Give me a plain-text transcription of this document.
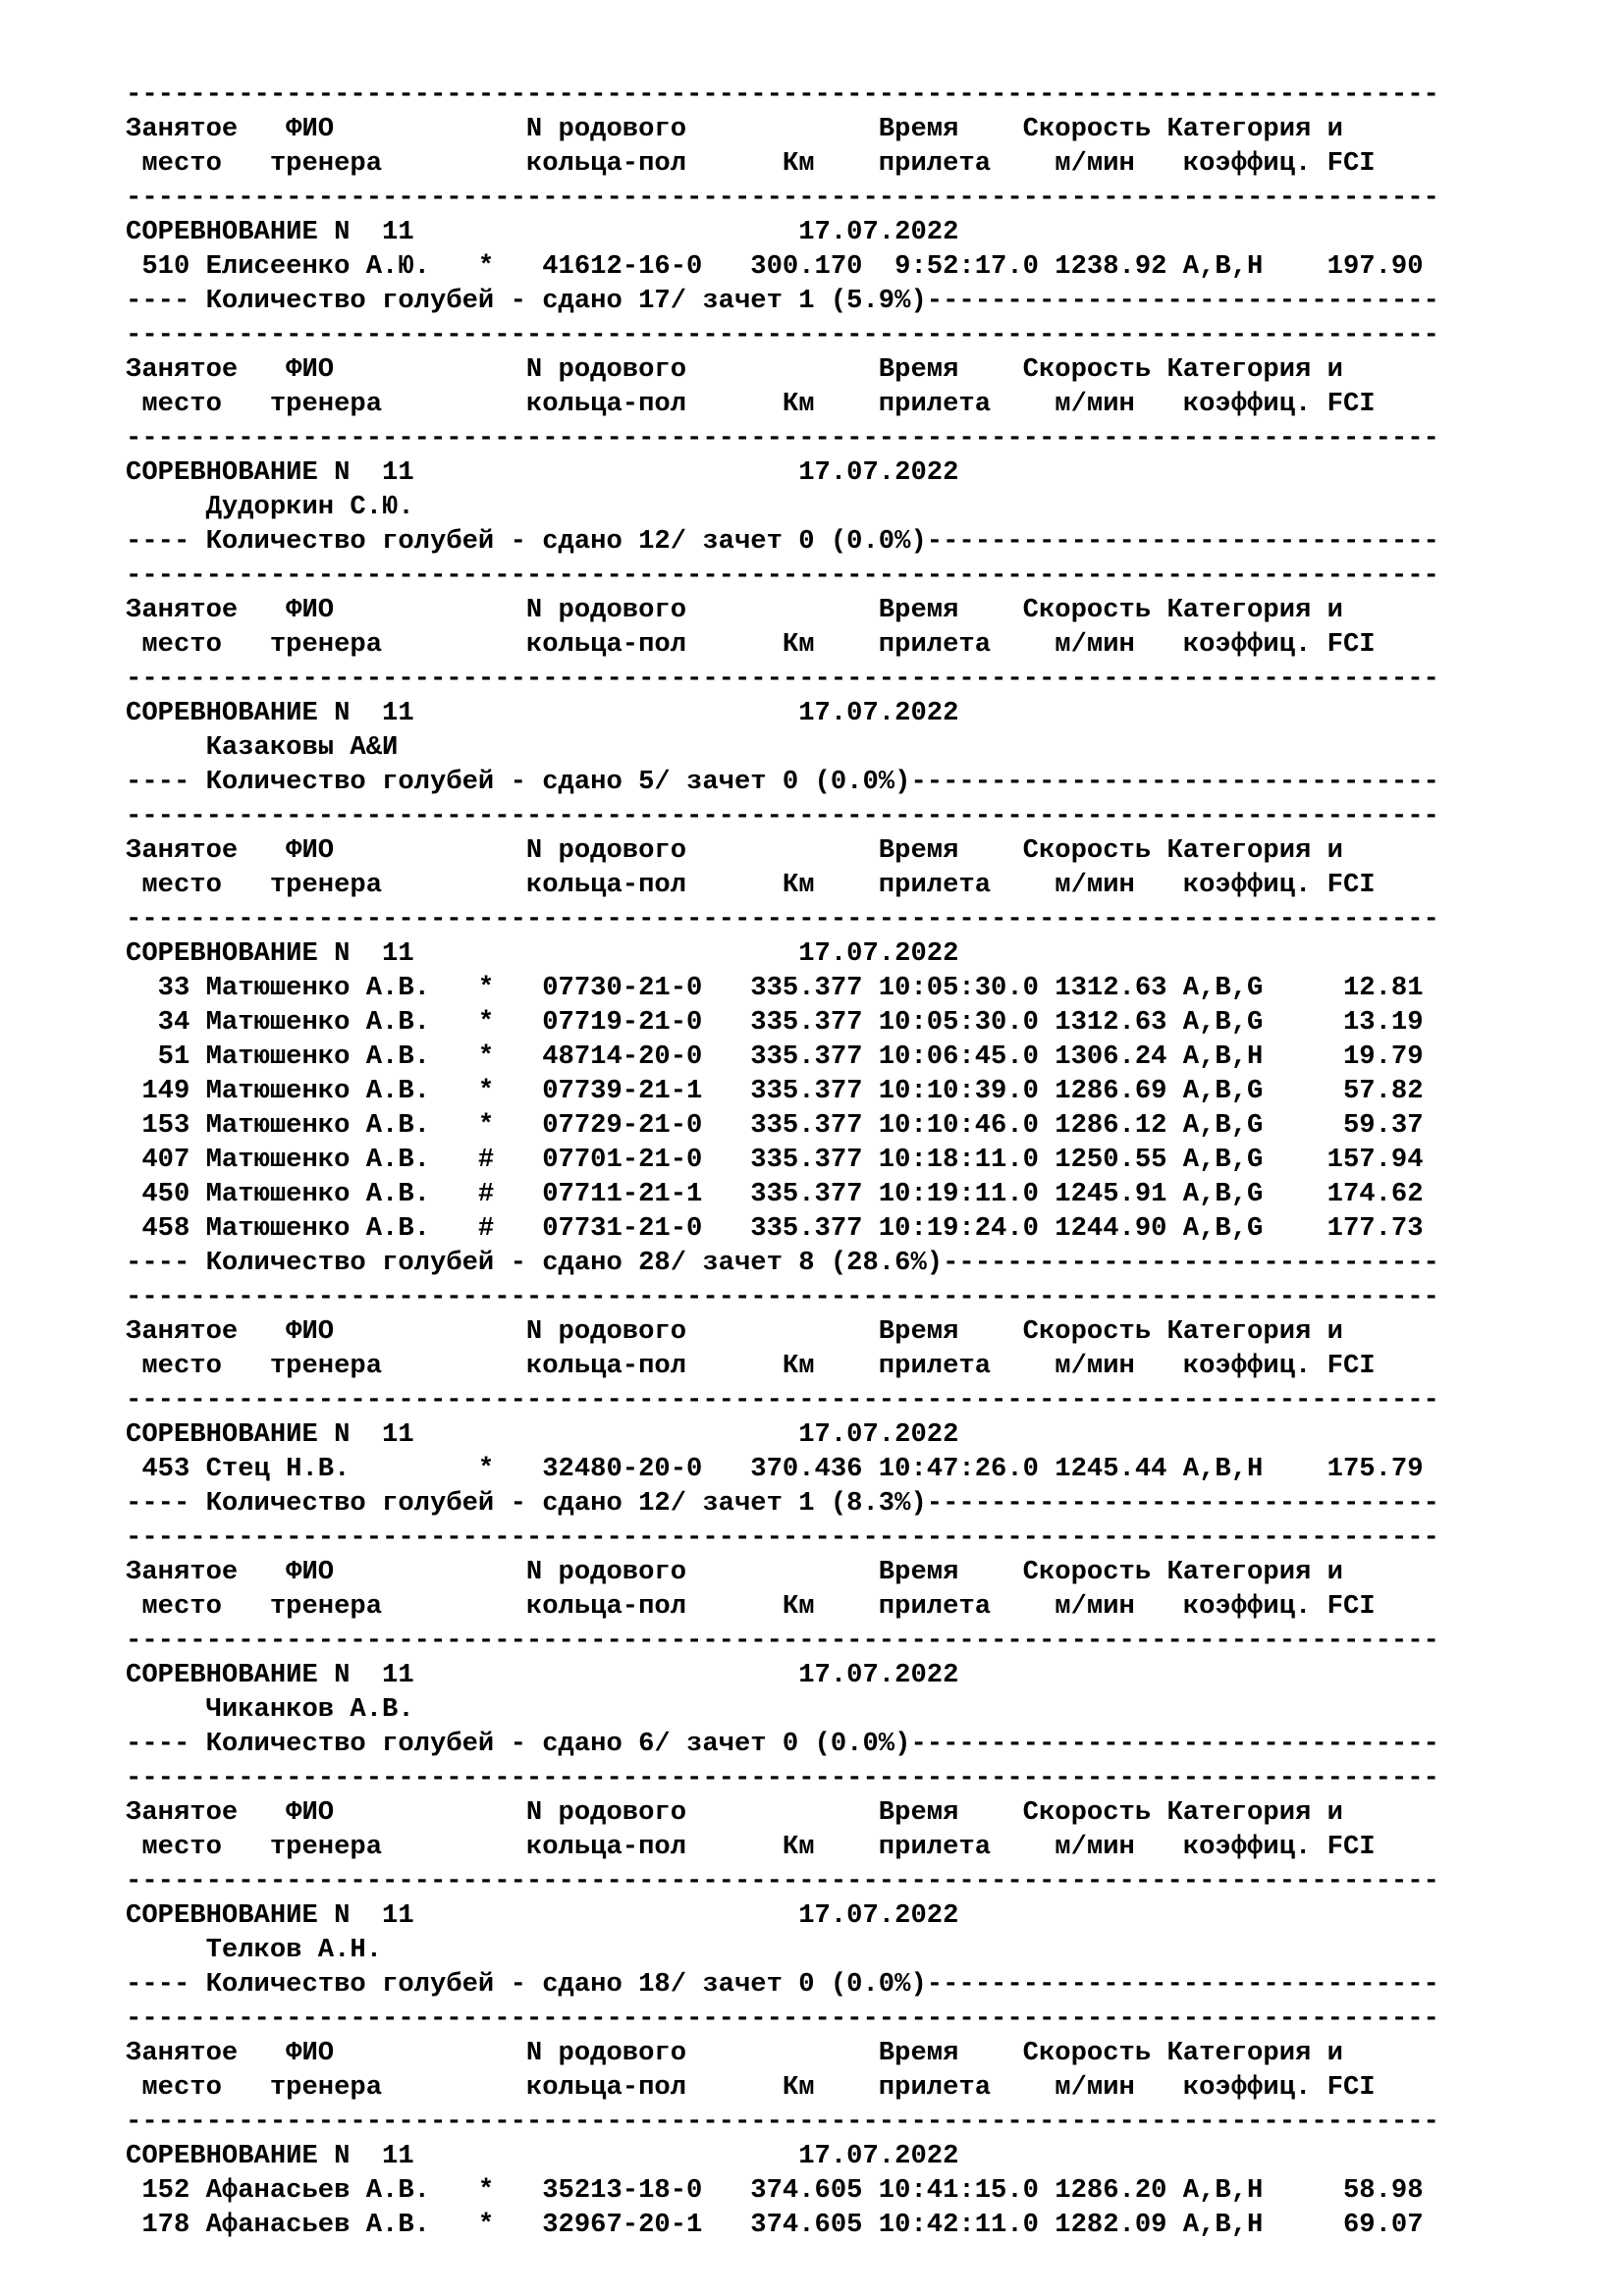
----------------------------------------------------------------------------------
Занятое   ФИО            N родового            Время    Скорость Категория и
место   тренера         кольца-пол      Км    прилета    м/мин   коэффиц. FCI
----------------------------------------------------------------------------------
СОРЕВНОВАНИЕ N  11                        17.07.2022
510 Елисеенко А.Ю.   *   41612-16-0   300.170  9:52:17.0 1238.92 A,B,H    197.90
---- Количество голубей - сдано 17/ зачет 1 (5.9%)--------------------------------
----------------------------------------------------------------------------------
Занятое   ФИО            N родового            Время    Скорость Категория и
место   тренера         кольца-пол      Км    прилета    м/мин   коэффиц. FCI
----------------------------------------------------------------------------------
СОРЕВНОВАНИЕ N  11                        17.07.2022
Дудоркин С.Ю.
---- Количество голубей - сдано 12/ зачет 0 (0.0%)--------------------------------
----------------------------------------------------------------------------------
Занятое   ФИО            N родового            Время    Скорость Категория и
место   тренера         кольца-пол      Км    прилета    м/мин   коэффиц. FCI
----------------------------------------------------------------------------------
СОРЕВНОВАНИЕ N  11                        17.07.2022
Казаковы A&И
---- Количество голубей - сдано 5/ зачет 0 (0.0%)---------------------------------
----------------------------------------------------------------------------------
Занятое   ФИО            N родового            Время    Скорость Категория и
место   тренера         кольца-пол      Км    прилета    м/мин   коэффиц. FCI
----------------------------------------------------------------------------------
СОРЕВНОВАНИЕ N  11                        17.07.2022
33 Матюшенко А.В.   *   07730-21-0   335.377 10:05:30.0 1312.63 A,B,G     12.81
34 Матюшенко А.В.   *   07719-21-0   335.377 10:05:30.0 1312.63 A,B,G     13.19
51 Матюшенко А.В.   *   48714-20-0   335.377 10:06:45.0 1306.24 A,B,H     19.79
149 Матюшенко А.В.   *   07739-21-1   335.377 10:10:39.0 1286.69 A,B,G     57.82
153 Матюшенко А.В.   *   07729-21-0   335.377 10:10:46.0 1286.12 A,B,G     59.37
407 Матюшенко А.В.   #   07701-21-0   335.377 10:18:11.0 1250.55 A,B,G    157.94
450 Матюшенко А.В.   #   07711-21-1   335.377 10:19:11.0 1245.91 A,B,G    174.62
458 Матюшенко А.В.   #   07731-21-0   335.377 10:19:24.0 1244.90 A,B,G    177.73
---- Количество голубей - сдано 28/ зачет 8 (28.6%)-------------------------------
----------------------------------------------------------------------------------
Занятое   ФИО            N родового            Время    Скорость Категория и
место   тренера         кольца-пол      Км    прилета    м/мин   коэффиц. FCI
----------------------------------------------------------------------------------
СОРЕВНОВАНИЕ N  11                        17.07.2022
453 Стец Н.В.        *   32480-20-0   370.436 10:47:26.0 1245.44 A,B,H    175.79
---- Количество голубей - сдано 12/ зачет 1 (8.3%)--------------------------------
----------------------------------------------------------------------------------
Занятое   ФИО            N родового            Время    Скорость Категория и
место   тренера         кольца-пол      Км    прилета    м/мин   коэффиц. FCI
----------------------------------------------------------------------------------
СОРЕВНОВАНИЕ N  11                        17.07.2022
Чиканков А.В.
---- Количество голубей - сдано 6/ зачет 0 (0.0%)---------------------------------
----------------------------------------------------------------------------------
Занятое   ФИО            N родового            Время    Скорость Категория и
место   тренера         кольца-пол      Км    прилета    м/мин   коэффиц. FCI
----------------------------------------------------------------------------------
СОРЕВНОВАНИЕ N  11                        17.07.2022
Телков А.Н.
---- Количество голубей - сдано 18/ зачет 0 (0.0%)--------------------------------
----------------------------------------------------------------------------------
Занятое   ФИО            N родового            Время    Скорость Категория и
место   тренера         кольца-пол      Км    прилета    м/мин   коэффиц. FCI
----------------------------------------------------------------------------------
СОРЕВНОВАНИЕ N  11                        17.07.2022
152 Афанасьев А.В.   *   35213-18-0   374.605 10:41:15.0 1286.20 A,B,H     58.98
178 Афанасьев А.В.   *   32967-20-1   374.605 10:42:11.0 1282.09 A,B,H     69.07
